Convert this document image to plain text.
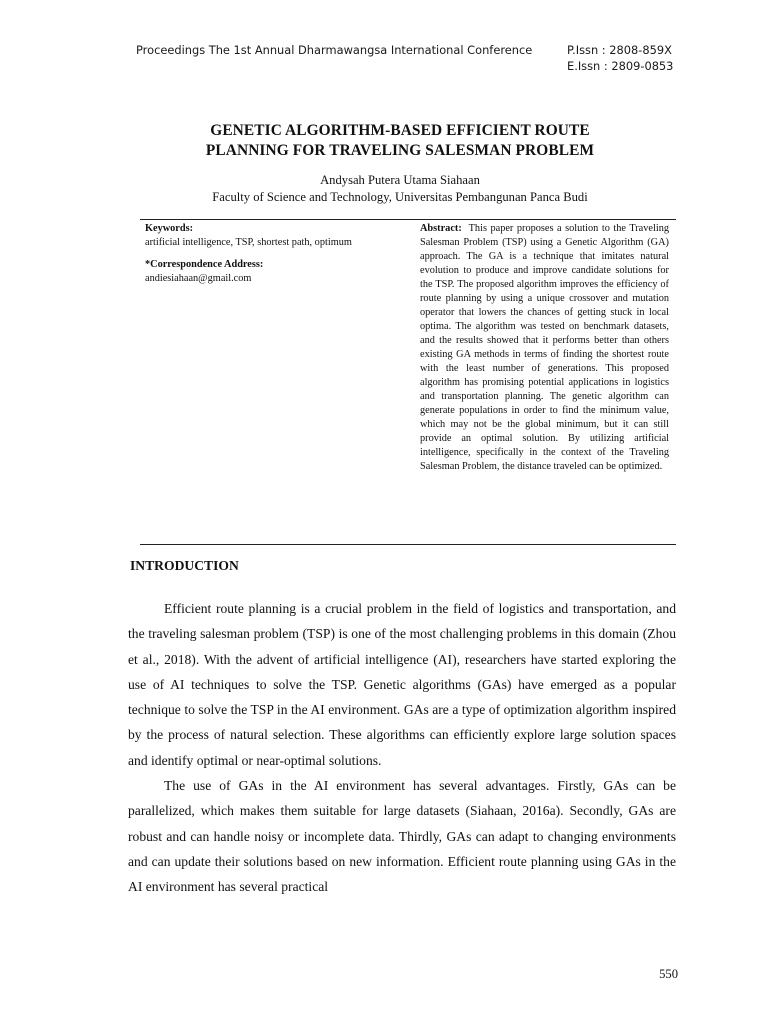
Proceedings The 1st Annual Dharmawangsa International Conference	P.Issn : 2808-859X
E.Issn : 2809-0853
GENETIC ALGORITHM-BASED EFFICIENT ROUTE
PLANNING FOR TRAVELING SALESMAN PROBLEM
Andysah Putera Utama Siahaan
Faculty of Science and Technology, Universitas Pembangunan Panca Budi
Keywords:
artificial intelligence, TSP, shortest path, optimum
*Correspondence Address:
andiesiahaan@gmail.com
Abstract: This paper proposes a solution to the Traveling Salesman Problem (TSP) using a Genetic Algorithm (GA) approach. The GA is a technique that imitates natural evolution to produce and improve candidate solutions for the TSP. The proposed algorithm improves the efficiency of route planning by using a unique crossover and mutation operator that lowers the chances of getting stuck in local optima. The algorithm was tested on benchmark datasets, and the results showed that it performs better than others existing GA methods in terms of finding the shortest route with the least number of generations. This proposed algorithm has promising potential applications in logistics and transportation planning. The genetic algorithm can generate populations in order to find the minimum value, which may not be the global minimum, but it can still provide an optimal solution. By utilizing artificial intelligence, specifically in the context of the Traveling Salesman Problem, the distance traveled can be optimized.
INTRODUCTION

Efficient route planning is a crucial problem in the field of logistics and transportation, and the traveling salesman problem (TSP) is one of the most challenging problems in this domain (Zhou et al., 2018). With the advent of artificial intelligence (AI), researchers have started exploring the use of AI techniques to solve the TSP. Genetic algorithms (GAs) have emerged as a popular technique to solve the TSP in the AI environment. GAs are a type of optimization algorithm inspired by the process of natural selection. These algorithms can efficiently explore large solution spaces and identify optimal or near-optimal solutions.

The use of GAs in the AI environment has several advantages. Firstly, GAs can be parallelized, which makes them suitable for large datasets (Siahaan, 2016a). Secondly, GAs are robust and can handle noisy or incomplete data. Thirdly, GAs can adapt to changing environments and can update their solutions based on new information. Efficient route planning using GAs in the AI environment has several practical

550
